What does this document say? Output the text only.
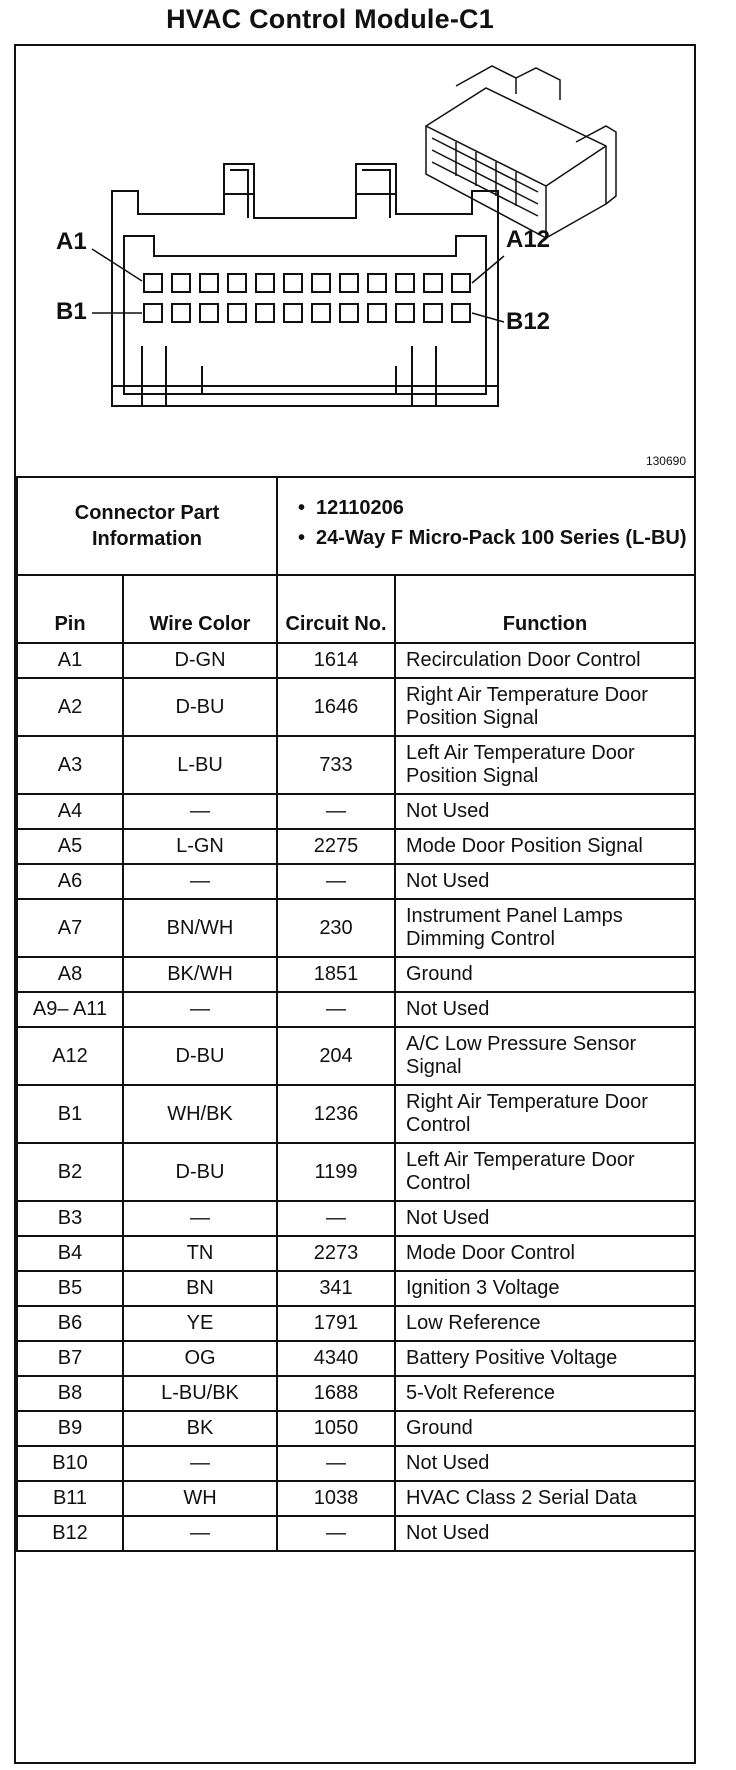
HVAC Control Module-C1
A1	A12
B1	B12
130690
Connector Part Information	
• 12110206
• 24-Way F Micro-Pack 100 Series (L-BU)
Pin	Wire Color	Circuit No.	Function
A1	D-GN	1614	Recirculation Door Control
A2	D-BU	1646	Right Air Temperature Door Position Signal
A3	L-BU	733	Left Air Temperature Door Position Signal
A4	—	—	Not Used
A5	L-GN	2275	Mode Door Position Signal
A6	—	—	Not Used
A7	BN/WH	230	Instrument Panel Lamps Dimming Control
A8	BK/WH	1851	Ground
A9– A11	—	—	Not Used
A12	D-BU	204	A/C Low Pressure Sensor Signal
B1	WH/BK	1236	Right Air Temperature Door Control
B2	D-BU	1199	Left Air Temperature Door Control
B3	—	—	Not Used
B4	TN	2273	Mode Door Control
B5	BN	341	Ignition 3 Voltage
B6	YE	1791	Low Reference
B7	OG	4340	Battery Positive Voltage
B8	L-BU/BK	1688	5-Volt Reference
B9	BK	1050	Ground
B10	—	—	Not Used
B11	WH	1038	HVAC Class 2 Serial Data
B12	—	—	Not Used
